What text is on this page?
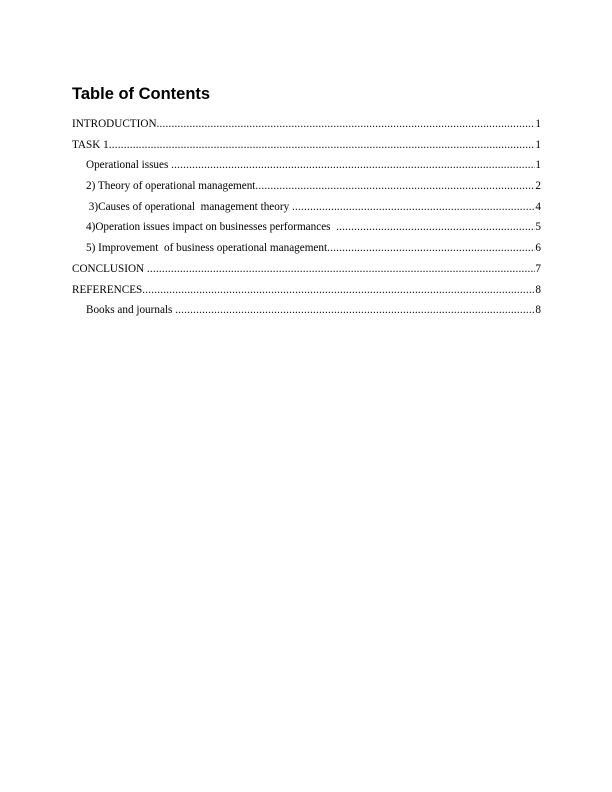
Table of Contents
INTRODUCTION .....	1
TASK 1 .....	1
Operational issues .....	1
2) Theory of operational management .....	2
3)Causes of operational  management theory .....	4
4)Operation issues impact on businesses performances .....	5
5) Improvement  of business operational management .....	6
CONCLUSION .....	7
REFERENCES .....	8
Books and journals .....	8
